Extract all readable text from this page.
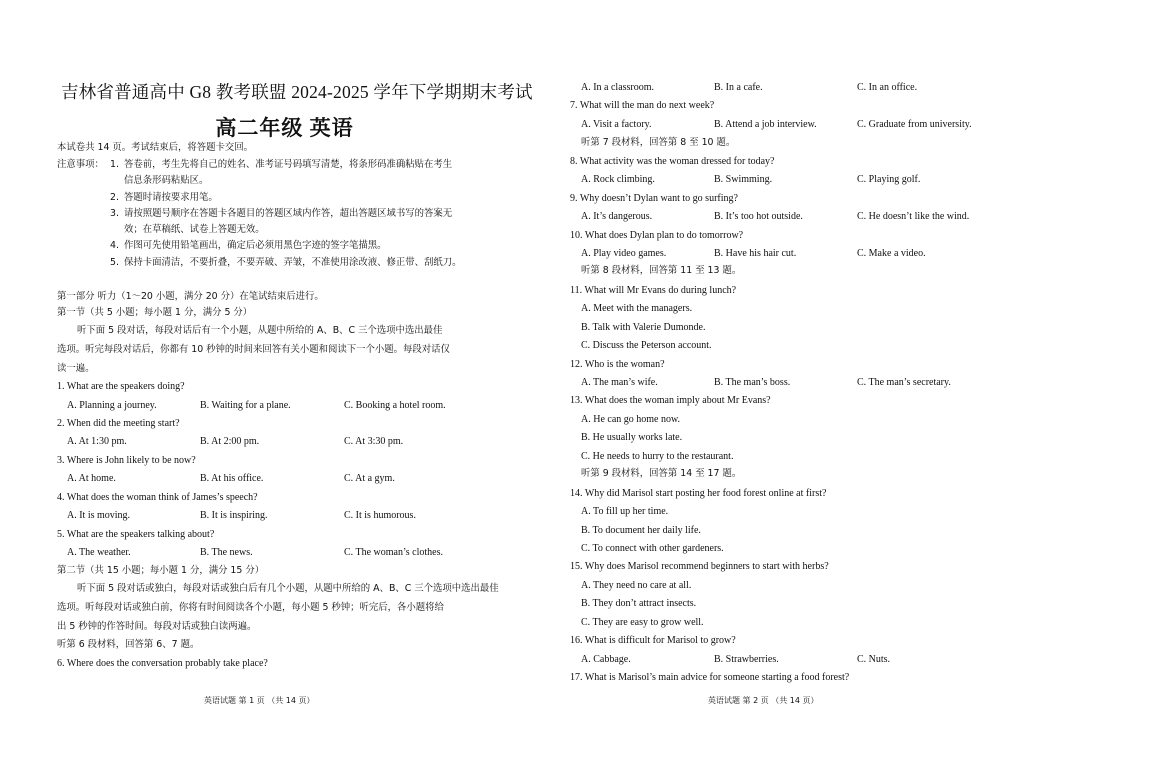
吉林省普通高中 G8 教考联盟 2024-2025 学年下学期期末考试
高二年级 英语
本试卷共 14 页。考试结束后，将答题卡交回。
注意事项： 1. 答卷前，考生先将自己的姓名、准考证号码填写清楚，将条形码准确粘贴在考生
信息条形码粘贴区。
2. 答题时请按要求用笔。
3. 请按照题号顺序在答题卡各题目的答题区域内作答，超出答题区域书写的答案无
效；在草稿纸、试卷上答题无效。
4. 作图可先使用铅笔画出，确定后必须用黑色字迹的签字笔描黑。
5. 保持卡面清洁，不要折叠，不要弄破、弄皱，不准使用涂改液、修正带、刮纸刀。
第一部分 听力（1～20 小题，满分 20 分）在笔试结束后进行。
第一节（共 5 小题；每小题 1 分，满分 5 分）
听下面 5 段对话，每段对话后有一个小题，从题中所给的 A、B、C 三个选项中选出最佳
选项。听完每段对话后，你都有 10 秒钟的时间来回答有关小题和阅读下一个小题。每段对话仅
读一遍。
1. What are the speakers doing?
A. Planning a journey.	B. Waiting for a plane.	C. Booking a hotel room.
2. When did the meeting start?
A. At 1:30 pm.	B. At 2:00 pm.	C. At 3:30 pm.
3. Where is John likely to be now?
A. At home.	B. At his office.	C. At a gym.
4. What does the woman think of James’s speech?
A. It is moving.	B. It is inspiring.	C. It is humorous.
5. What are the speakers talking about?
A. The weather.	B. The news.	C. The woman’s clothes.
第二节（共 15 小题；每小题 1 分，满分 15 分）
听下面 5 段对话或独白，每段对话或独白后有几个小题，从题中所给的 A、B、C 三个选项中选出最佳
选项。听每段对话或独白前，你将有时间阅读各个小题，每小题 5 秒钟；听完后，各小题将给
出 5 秒钟的作答时间。每段对话或独白读两遍。
听第 6 段材料，回答第 6、7 题。
6. Where does the conversation probably take place?
英语试题 第 1 页 （共 14 页）
A. In a classroom.	B. In a cafe.	C. In an office.
7. What will the man do next week?
A. Visit a factory.	B. Attend a job interview.	C. Graduate from university.
听第 7 段材料，回答第 8 至 10 题。
8. What activity was the woman dressed for today?
A. Rock climbing.	B. Swimming.	C. Playing golf.
9. Why doesn’t Dylan want to go surfing?
A. It’s dangerous.	B. It’s too hot outside.	C. He doesn’t like the wind.
10. What does Dylan plan to do tomorrow?
A. Play video games.	B. Have his hair cut.	C. Make a video.
听第 8 段材料，回答第 11 至 13 题。
11. What will Mr Evans do during lunch?
A. Meet with the managers.
B. Talk with Valerie Dumonde.
C. Discuss the Peterson account.
12. Who is the woman?
A. The man’s wife.	B. The man’s boss.	C. The man’s secretary.
13. What does the woman imply about Mr Evans?
A. He can go home now.
B. He usually works late.
C. He needs to hurry to the restaurant.
听第 9 段材料，回答第 14 至 17 题。
14. Why did Marisol start posting her food forest online at first?
A. To fill up her time.
B. To document her daily life.
C. To connect with other gardeners.
15. Why does Marisol recommend beginners to start with herbs?
A. They need no care at all.
B. They don’t attract insects.
C. They are easy to grow well.
16. What is difficult for Marisol to grow?
A. Cabbage.	B. Strawberries.	C. Nuts.
17. What is Marisol’s main advice for someone starting a food forest?
英语试题 第 2 页 （共 14 页）
